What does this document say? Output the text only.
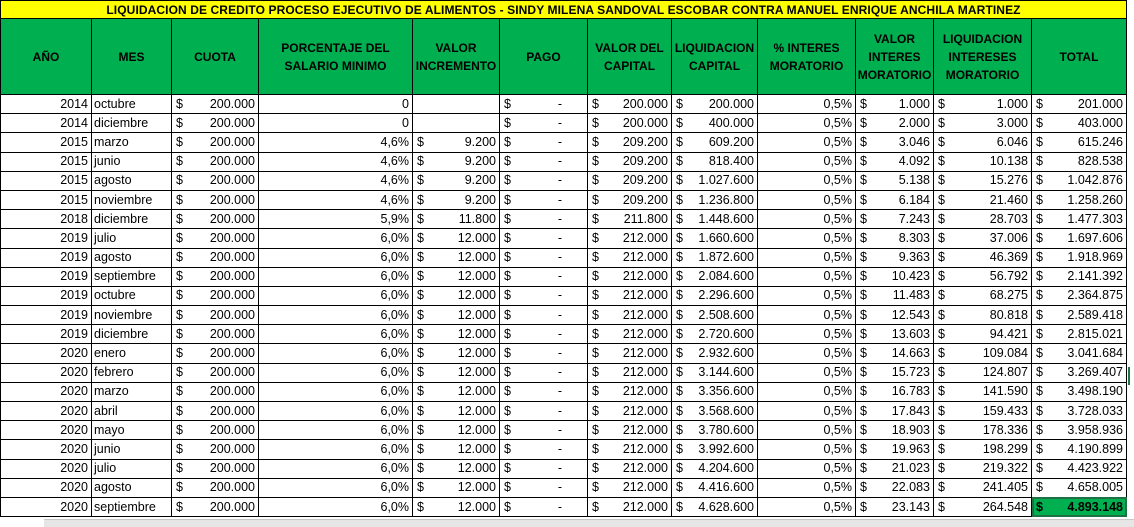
LIQUIDACION DE CREDITO PROCESO EJECUTIVO DE ALIMENTOS - SINDY MILENA SANDOVAL ESCOBAR CONTRA MANUEL ENRIQUE ANCHILA MARTINEZ											
AÑO	MES	CUOTA	PORCENTAJE DEL SALARIO MINIMO	VALOR INCREMENTO	PAGO	VALOR DEL CAPITAL	LIQUIDACION CAPITAL	% INTERES MORATORIO	VALOR INTERES MORATORIO	LIQUIDACION INTERESES MORATORIO	TOTAL
2014	octubre	$ 200.000	0		$ -	$ 200.000	$ 200.000	0,5%	$ 1.000	$ 1.000	$ 201.000

2014	diciembre	$ 200.000	0		$ -	$ 200.000	$ 400.000	0,5%	$ 2.000	$ 3.000	$ 403.000

2015	marzo	$ 200.000	4,6%	$ 9.200	$ -	$ 209.200	$ 609.200	0,5%	$ 3.046	$ 6.046	$ 615.246

2015	junio	$ 200.000	4,6%	$ 9.200	$ -	$ 209.200	$ 818.400	0,5%	$ 4.092	$ 10.138	$ 828.538

2015	agosto	$ 200.000	4,6%	$ 9.200	$ -	$ 209.200	$ 1.027.600	0,5%	$ 5.138	$ 15.276	$ 1.042.876

2015	noviembre	$ 200.000	4,6%	$ 9.200	$ -	$ 209.200	$ 1.236.800	0,5%	$ 6.184	$ 21.460	$ 1.258.260

2018	diciembre	$ 200.000	5,9%	$ 11.800	$ -	$ 211.800	$ 1.448.600	0,5%	$ 7.243	$ 28.703	$ 1.477.303

2019	julio	$ 200.000	6,0%	$ 12.000	$ -	$ 212.000	$ 1.660.600	0,5%	$ 8.303	$ 37.006	$ 1.697.606

2019	agosto	$ 200.000	6,0%	$ 12.000	$ -	$ 212.000	$ 1.872.600	0,5%	$ 9.363	$ 46.369	$ 1.918.969

2019	septiembre	$ 200.000	6,0%	$ 12.000	$ -	$ 212.000	$ 2.084.600	0,5%	$ 10.423	$ 56.792	$ 2.141.392

2019	octubre	$ 200.000	6,0%	$ 12.000	$ -	$ 212.000	$ 2.296.600	0,5%	$ 11.483	$ 68.275	$ 2.364.875

2019	noviembre	$ 200.000	6,0%	$ 12.000	$ -	$ 212.000	$ 2.508.600	0,5%	$ 12.543	$ 80.818	$ 2.589.418

2019	diciembre	$ 200.000	6,0%	$ 12.000	$ -	$ 212.000	$ 2.720.600	0,5%	$ 13.603	$ 94.421	$ 2.815.021

2020	enero	$ 200.000	6,0%	$ 12.000	$ -	$ 212.000	$ 2.932.600	0,5%	$ 14.663	$ 109.084	$ 3.041.684

2020	febrero	$ 200.000	6,0%	$ 12.000	$ -	$ 212.000	$ 3.144.600	0,5%	$ 15.723	$ 124.807	$ 3.269.407

2020	marzo	$ 200.000	6,0%	$ 12.000	$ -	$ 212.000	$ 3.356.600	0,5%	$ 16.783	$ 141.590	$ 3.498.190

2020	abril	$ 200.000	6,0%	$ 12.000	$ -	$ 212.000	$ 3.568.600	0,5%	$ 17.843	$ 159.433	$ 3.728.033

2020	mayo	$ 200.000	6,0%	$ 12.000	$ -	$ 212.000	$ 3.780.600	0,5%	$ 18.903	$ 178.336	$ 3.958.936

2020	junio	$ 200.000	6,0%	$ 12.000	$ -	$ 212.000	$ 3.992.600	0,5%	$ 19.963	$ 198.299	$ 4.190.899

2020	julio	$ 200.000	6,0%	$ 12.000	$ -	$ 212.000	$ 4.204.600	0,5%	$ 21.023	$ 219.322	$ 4.423.922

2020	agosto	$ 200.000	6,0%	$ 12.000	$ -	$ 212.000	$ 4.416.600	0,5%	$ 22.083	$ 241.405	$ 4.658.005

2020	septiembre	$ 200.000	6,0%	$ 12.000	$ -	$ 212.000	$ 4.628.600	0,5%	$ 23.143	$ 264.548	$ 4.893.148
